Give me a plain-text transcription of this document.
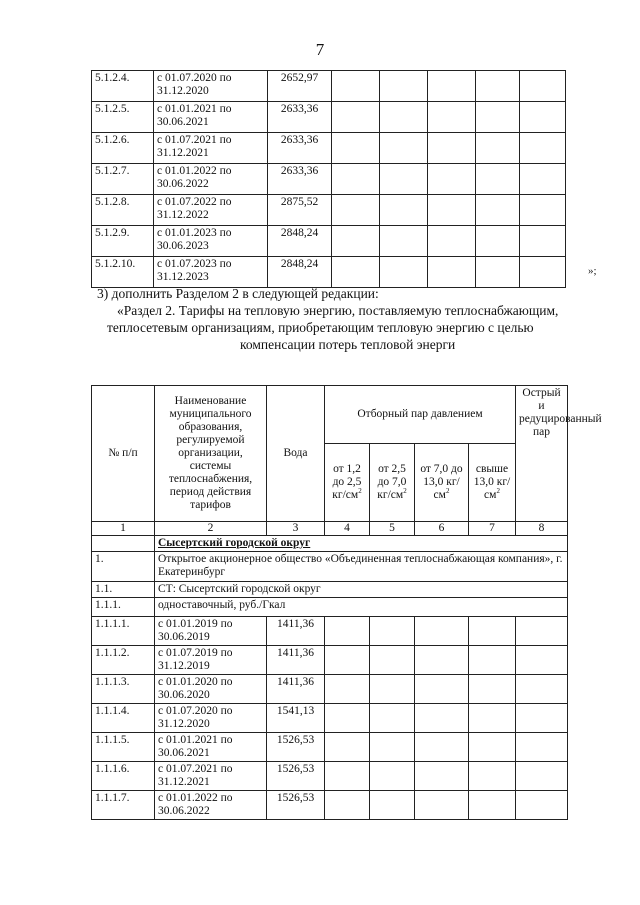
7
5.1.2.4.	с 01.07.2020 по 31.12.2020	2652,97					
5.1.2.5.	с 01.01.2021 по 30.06.2021	2633,36					
5.1.2.6.	с 01.07.2021 по 31.12.2021	2633,36					
5.1.2.7.	с 01.01.2022 по 30.06.2022	2633,36					
5.1.2.8.	с 01.07.2022 по 31.12.2022	2875,52					
5.1.2.9.	с 01.01.2023 по 30.06.2023	2848,24					
5.1.2.10.	с 01.07.2023 по 31.12.2023	2848,24					
»;
3) дополнить Разделом 2 в следующей редакции:
«Раздел 2. Тарифы на тепловую энергию, поставляемую теплоснабжающим,
теплосетевым организациям, приобретающим тепловую энергию с целью
компенсации потерь тепловой энерги
№ п/п	Наименование муниципального образования, регулируемой организации, системы теплоснабжения, период действия тарифов	Вода	Отборный пар давлением				Острый и редуцированный пар
			от 1,2 до 2,5 $кг/см^2$	от 2,5 до 7,0 $кг/см^2$	от 7,0 до 13,0 $кг/см^2$	свыше 13,0 $кг/см^2$
1	2	3	4	5	6	7	8
	Сысертский городской округ						
1.	Открытое акционерное общество «Объединенная теплоснабжающая компания», г. Екатеринбург						
1.1.	СТ: Сысертский городской округ						
1.1.1.	одноставочный, руб./Гкал						
1.1.1.1.	с 01.01.2019 по 30.06.2019	1411,36					
1.1.1.2.	с 01.07.2019 по 31.12.2019	1411,36					
1.1.1.3.	с 01.01.2020 по 30.06.2020	1411,36					
1.1.1.4.	с 01.07.2020 по 31.12.2020	1541,13					
1.1.1.5.	с 01.01.2021 по 30.06.2021	1526,53					
1.1.1.6.	с 01.07.2021 по 31.12.2021	1526,53					
1.1.1.7.	с 01.01.2022 по 30.06.2022	1526,53					
